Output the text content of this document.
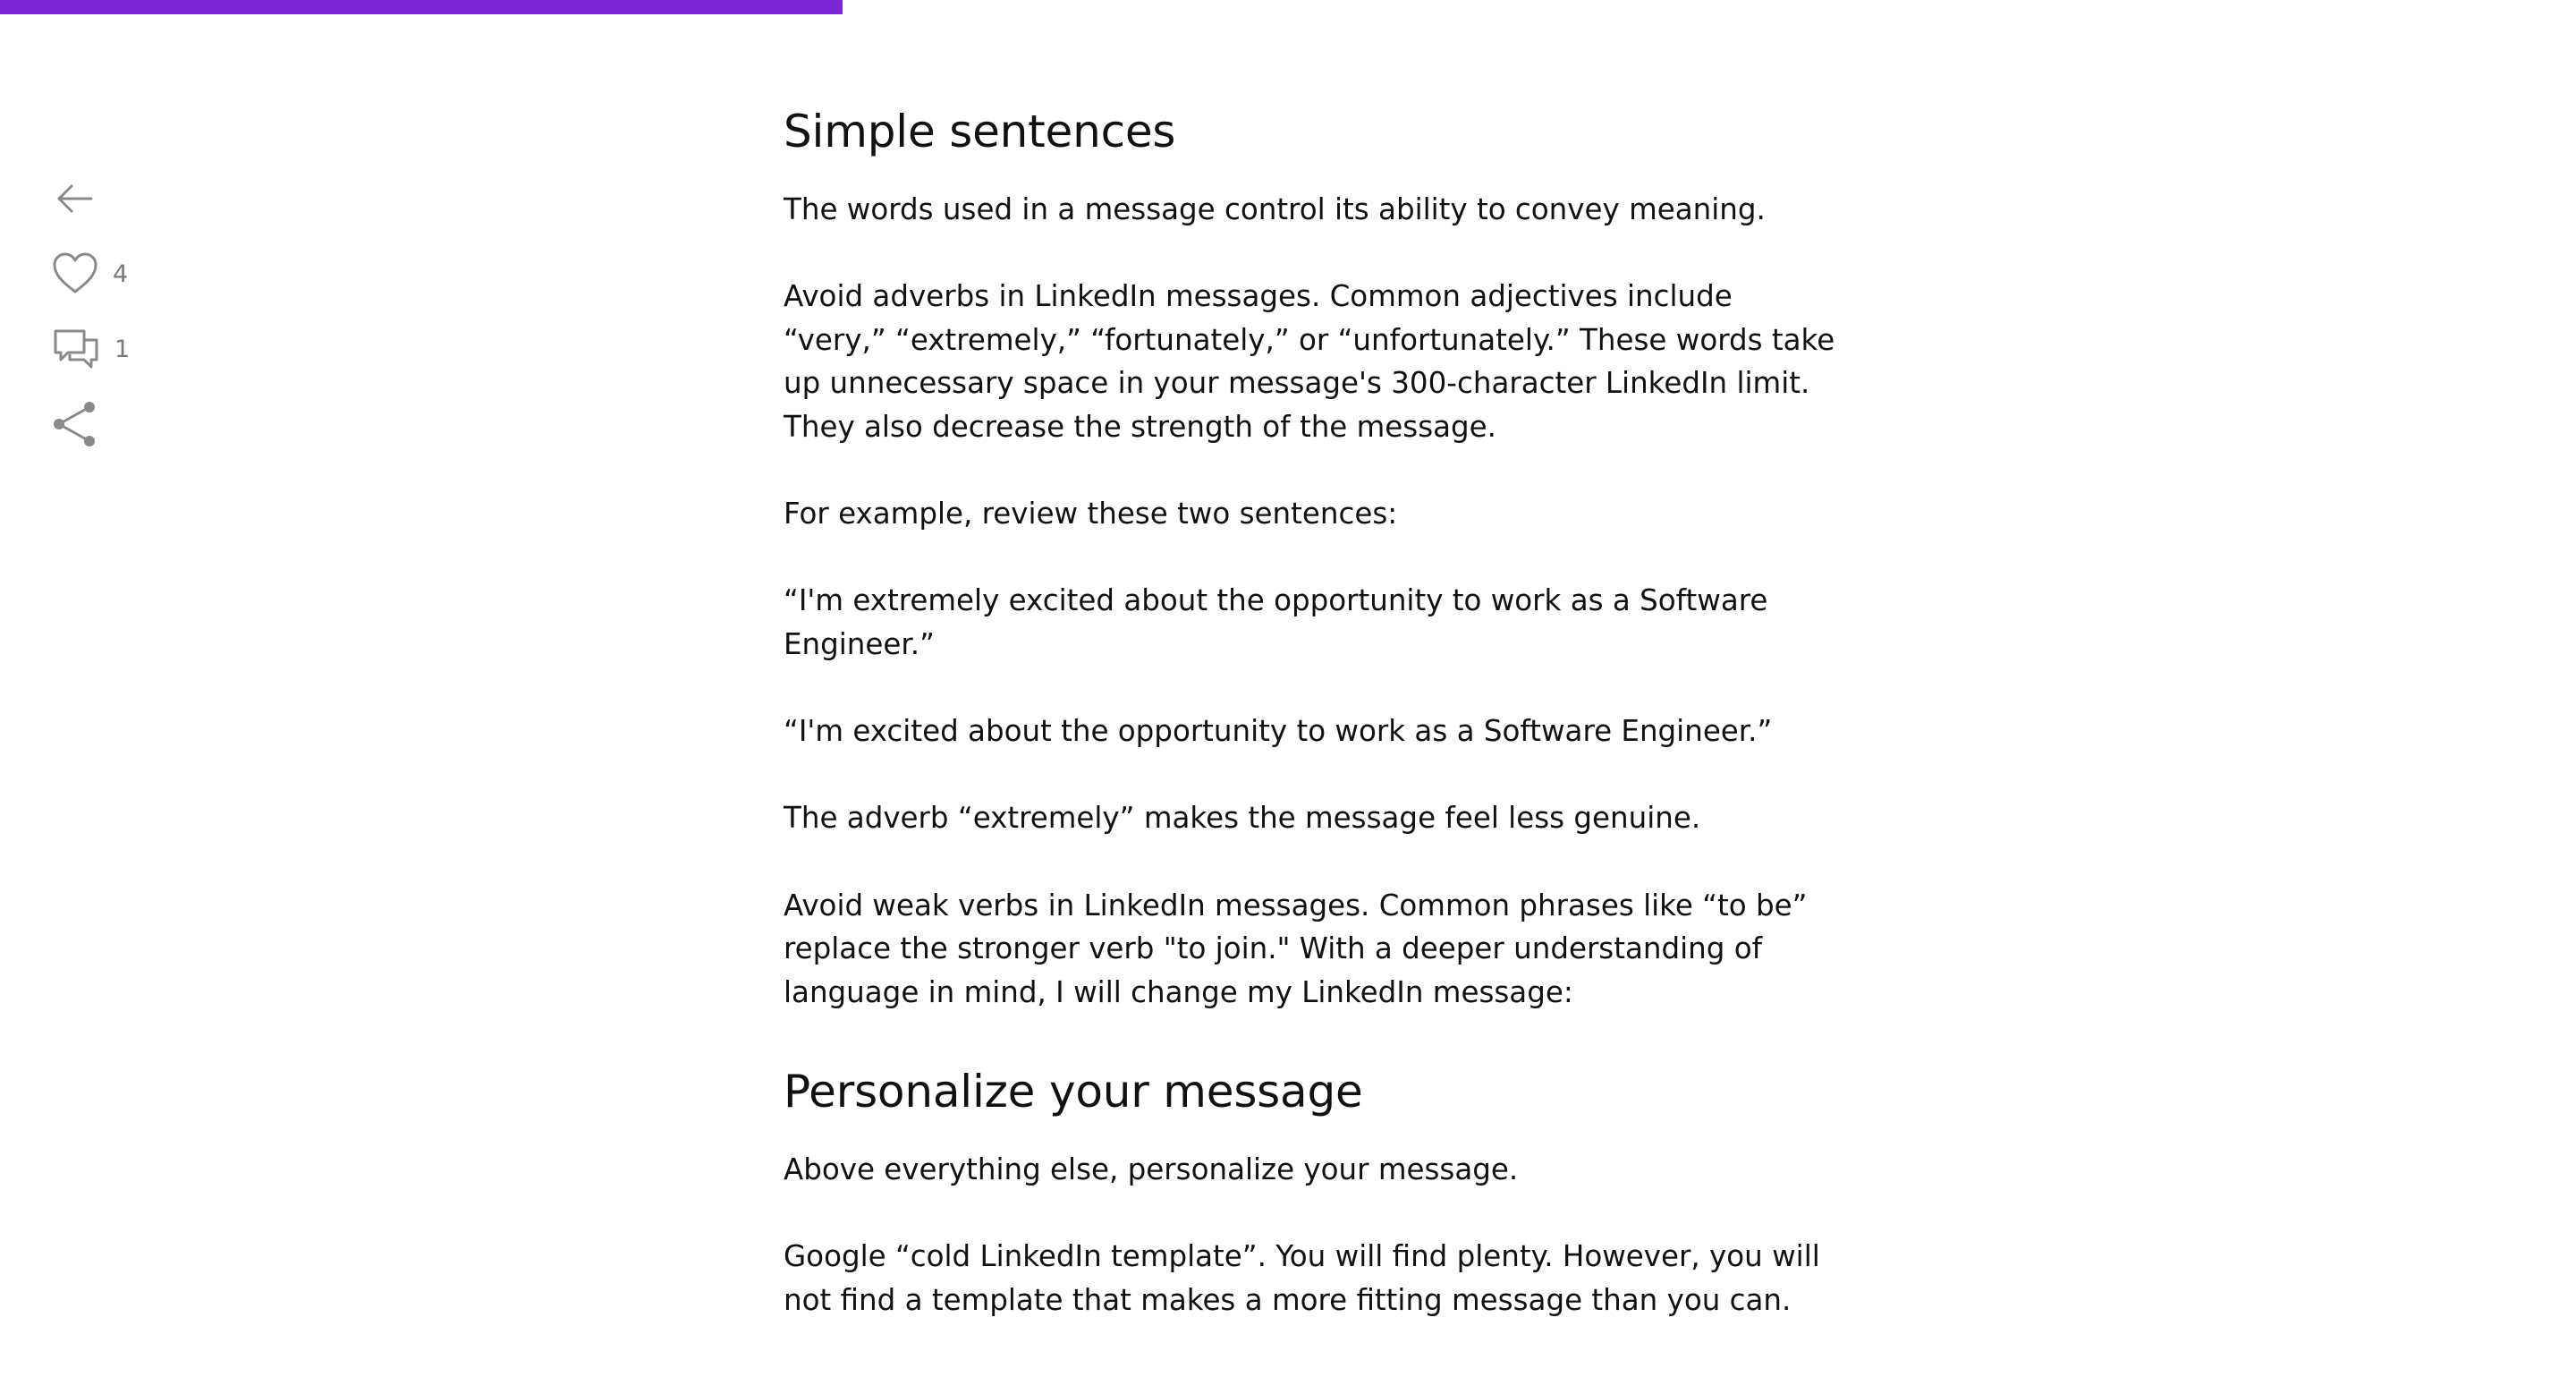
4
1
Simple sentences

The words used in a message control its ability to convey meaning.

Avoid adverbs in LinkedIn messages. Common adjectives include “very,” “extremely,” “fortunately,” or “unfortunately.” These words take up unnecessary space in your message's 300-character LinkedIn limit. They also decrease the strength of the message.

For example, review these two sentences:

“I'm extremely excited about the opportunity to work as a Software Engineer.”

“I'm excited about the opportunity to work as a Software Engineer.”

The adverb “extremely” makes the message feel less genuine.

Avoid weak verbs in LinkedIn messages. Common phrases like “to be” replace the stronger verb "to join." With a deeper understanding of language in mind, I will change my LinkedIn message:

Personalize your message

Above everything else, personalize your message.

Google “cold LinkedIn template”. You will find plenty. However, you will not find a template that makes a more fitting message than you can.
